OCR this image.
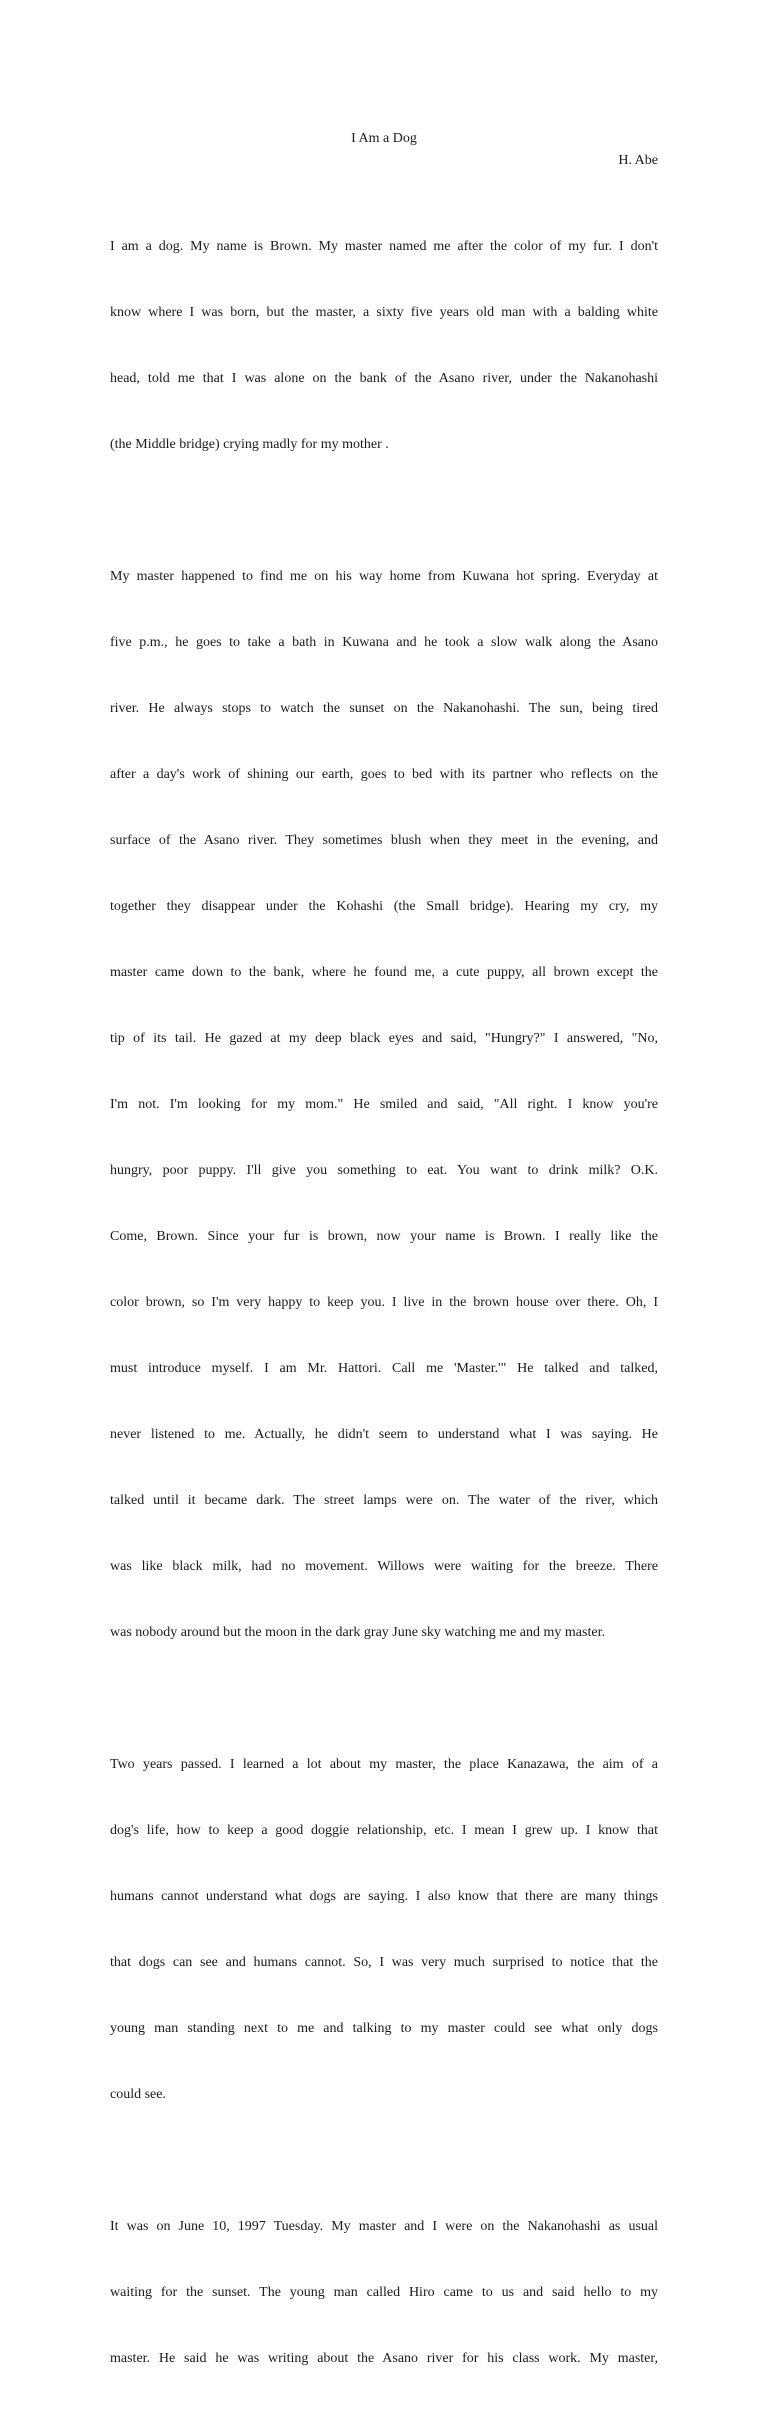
I Am a Dog
H. Abe

I am a dog. My name is Brown. My master named me after the color of my fur. I don't

know where I was born, but the master, a sixty five years old man with a balding white

head, told me that I was alone on the bank of the Asano river, under the Nakanohashi

(the Middle bridge) crying madly for my mother .

My master happened to find me on his way home from Kuwana hot spring. Everyday at

five p.m., he goes to take a bath in Kuwana and he took a slow walk along the Asano

river. He always stops to watch the sunset on the Nakanohashi. The sun, being tired

after a day's work of shining our earth, goes to bed with its partner who reflects on the

surface of the Asano river. They sometimes blush when they meet in the evening, and

together they disappear under the Kohashi (the Small bridge). Hearing my cry, my

master came down to the bank, where he found me, a cute puppy, all brown except the

tip of its tail. He gazed at my deep black eyes and said, "Hungry?" I answered, "No,

I'm not. I'm looking for my mom." He smiled and said, "All right. I know you're

hungry, poor puppy. I'll give you something to eat. You want to drink milk? O.K.

Come, Brown. Since your fur is brown, now your name is Brown. I really like the

color brown, so I'm very happy to keep you. I live in the brown house over there. Oh, I

must introduce myself. I am Mr. Hattori. Call me 'Master.'" He talked and talked,

never listened to me. Actually, he didn't seem to understand what I was saying. He

talked until it became dark. The street lamps were on. The water of the river, which

was like black milk, had no movement. Willows were waiting for the breeze. There

was nobody around but the moon in the dark gray June sky watching me and my master.

Two years passed. I learned a lot about my master, the place Kanazawa, the aim of a

dog's life, how to keep a good doggie relationship, etc. I mean I grew up. I know that

humans cannot understand what dogs are saying. I also know that there are many things

that dogs can see and humans cannot. So, I was very much surprised to notice that the

young man standing next to me and talking to my master could see what only dogs

could see.

It was on June 10, 1997 Tuesday. My master and I were on the Nakanohashi as usual

waiting for the sunset. The young man called Hiro came to us and said hello to my

master. He said he was writing about the Asano river for his class work. My master,
